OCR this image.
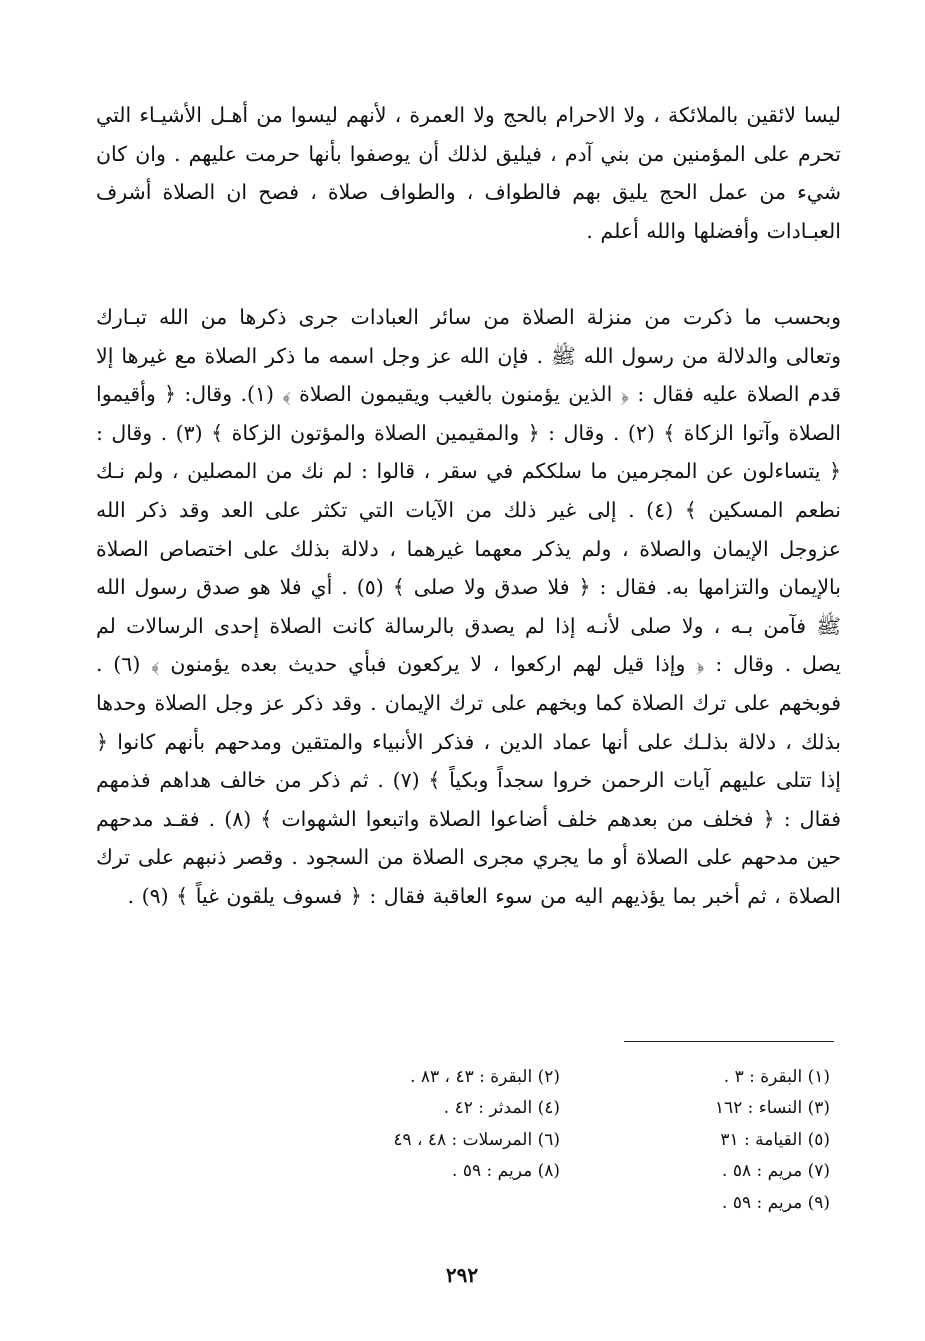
ليسا لائقين بالملائكة ، ولا الاحرام بالحج ولا العمرة ، لأنهم ليسوا من أهـل الأشيـاء التي تحرم على المؤمنين من بني آدم ، فيليق لذلك أن يوصفوا بأنها حرمت عليهم . وان كان شيء من عمل الحج يليق بهم فالطواف ، والطواف صلاة ، فصح ان الصلاة أشرف العبـادات وأفضلها والله أعلم .

وبحسب ما ذكرت من منزلة الصلاة من سائر العبادات جرى ذكرها من الله تبـارك وتعالى والدلالة من رسول الله ﷺ . فإن الله عز وجل اسمه ما ذكر الصلاة مع غيرها إلا قدم الصلاة عليه فقال : ﴿ الذين يؤمنون بالغيب ويقيمون الصلاة ﴾ (١). وقال: ﴿ وأقيموا الصلاة وآتوا الزكاة ﴾ (٢) . وقال : ﴿ والمقيمين الصلاة والمؤتون الزكاة ﴾ (٣) . وقال : ﴿ يتساءلون عن المجرمين ما سلككم في سقر ، قالوا : لم نك من المصلين ، ولم نـك نطعم المسكين ﴾ (٤) . إلى غير ذلك من الآيات التي تكثر على العد وقد ذكر الله عزوجل الإيمان والصلاة ، ولم يذكر معهما غيرهما ، دلالة بذلك على اختصاص الصلاة بالإيمان والتزامها به. فقال : ﴿ فلا صدق ولا صلى ﴾ (٥) . أي فلا هو صدق رسول الله ﷺ فآمن بـه ، ولا صلى لأنـه إذا لم يصدق بالرسالة كانت الصلاة إحدى الرسالات لم يصل . وقال : ﴿ وإذا قيل لهم اركعوا ، لا يركعون فبأي حديث بعده يؤمنون ﴾ (٦) . فوبخهم على ترك الصلاة كما وبخهم على ترك الإيمان . وقد ذكر عز وجل الصلاة وحدها بذلك ، دلالة بذلـك على أنها عماد الدين ، فذكر الأنبياء والمتقين ومدحهم بأنهم كانوا ﴿ إذا تتلى عليهم آيات الرحمن خروا سجداً وبكياً ﴾ (٧) . ثم ذكر من خالف هداهم فذمهم فقال : ﴿ فخلف من بعدهم خلف أضاعوا الصلاة واتبعوا الشهوات ﴾ (٨) . فقـد مدحهم حين مدحهم على الصلاة أو ما يجري مجرى الصلاة من السجود . وقصر ذنبهم على ترك الصلاة ، ثم أخبر بما يؤذيهم اليه من سوء العاقبة فقال : ﴿ فسوف يلقون غياً ﴾ (٩) .

(١) البقرة : ٣ .
(٢) البقرة : ٤٣ ، ٨٣ .
(٣) النساء : ١٦٢
(٤) المدثر : ٤٢ .
(٥) القيامة : ٣١
(٦) المرسلات : ٤٨ ، ٤٩
(٧) مريم : ٥٨ .
(٨) مريم : ٥٩ .
(٩) مريم : ٥٩ .
٢٩٢
